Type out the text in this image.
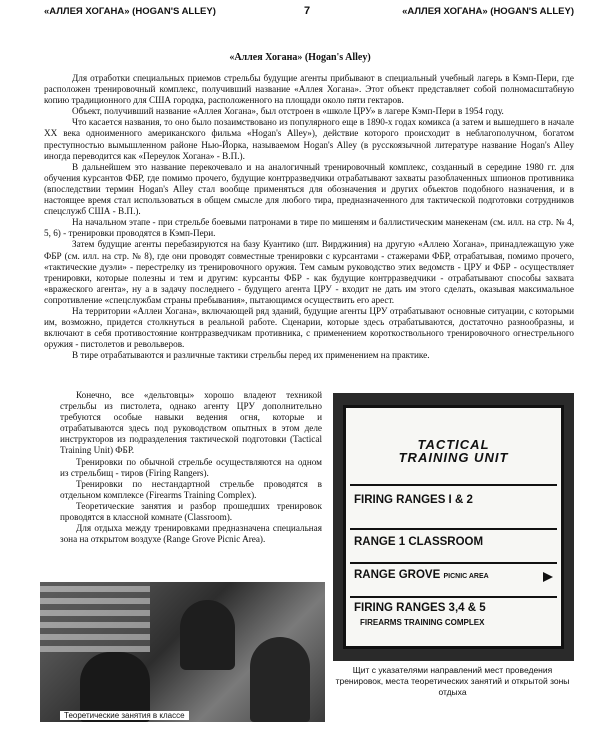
«АЛЛЕЯ ХОГАНА» (HOGAN'S ALLEY)	7	«АЛЛЕЯ ХОГАНА» (HOGAN'S ALLEY)
«Аллея Хогана» (Hogan's Alley)

Для отработки специальных приемов стрельбы будущие агенты прибывают в специальный учебный лагерь в Кэмп-Пери, где расположен тренировочный комплекс, получивший название «Аллея Хогана». Этот объект представляет собой полномасштабную копию традиционного для США городка, расположенного на площади около пяти гектаров.

Объект, получивший название «Аллея Хогана», был отстроен в «школе ЦРУ» в лагере Кэмп-Пери в 1954 году.

Что касается названия, то оно было позаимствовано из популярного еще в 1890-х годах комикса (а затем и вышедшего в начале XX века одноименного американского фильма «Hogan's Alley»), действие которого происходит в неблагополучном, богатом преступностью вымышленном районе Нью-Йорка, называемом Hogan's Alley (в русскоязычной литературе название Hogan's Alley иногда переводится как «Переулок Хогана» - В.П.).

В дальнейшем это название перекочевало и на аналогичный тренировочный комплекс, созданный в середине 1980 гг. для обучения курсантов ФБР, где помимо прочего, будущие контрразведчики отрабатывают захваты разоблаченных шпионов противника (впоследствии термин Hogan's Alley стал вообще применяться для обозначения и других объектов подобного назначения, и в настоящее время стал использоваться в общем смысле для любого тира, предназначенного для тактической подготовки сотрудников спецслужб США - В.П.).

На начальном этапе - при стрельбе боевыми патронами в тире по мишеням и баллистическим манекенам (см. илл. на стр. № 4, 5, 6) - тренировки проводятся в Кэмп-Пери.

Затем будущие агенты перебазируются на базу Куантико (шт. Вирджиния) на другую «Аллею Хогана», принадлежащую уже ФБР (см. илл. на стр. № 8), где они проводят совместные тренировки с курсантами - стажерами ФБР, отрабатывая, помимо прочего, «тактические дуэли» - перестрелку из тренировочного оружия. Тем самым руководство этих ведомств - ЦРУ и ФБР - осуществляет тренировки, которые полезны и тем и другим: курсанты ФБР - как будущие контрразведчики - отрабатывают способы захвата «вражеского агента», ну а в задачу последнего - будущего агента ЦРУ - входит не дать им этого сделать, оказывая максимальное сопротивление «спецслужбам страны пребывания», пытающимся осуществить его арест.

На территории «Аллеи Хогана», включающей ряд зданий, будущие агенты ЦРУ отрабатывают основные ситуации, с которыми им, возможно, придется столкнуться в реальной работе. Сценарии, которые здесь отрабатываются, достаточно разнообразны, и включают в себя противостояние контрразведчикам противника, с применением короткоствольного тренировочного огнестрельного оружия - пистолетов и револьверов.

В тире отрабатываются и различные тактики стрельбы перед их применением на практике.

Конечно, все «дельтовцы» хорошо владеют техникой стрельбы из пистолета, однако агенту ЦРУ дополнительно требуются особые навыки ведения огня, которые и отрабатываются здесь под руководством опытных в этом деле инструкторов из подразделения тактической подготовки (Tactical Training Unit) ФБР.

Тренировки по обычной стрельбе осуществляются на одном из стрельбищ - тиров (Firing Rangers).

Тренировки по нестандартной стрельбе проводятся в отдельном комплексе (Firearms Training Complex).

Теоретические занятия и разбор прошедших тренировок проводятся в классной комнате (Classroom).

Для отдыха между тренировками предназначена специальная зона на открытом воздухе (Range Grove Picnic Area).

TACTICAL
TRAINING UNIT
FIRING RANGES I & 2
RANGE 1 CLASSROOM
RANGE GROVE PICNIC AREA
FIRING RANGES 3,4 & 5
FIREARMS TRAINING COMPLEX
Теоретические занятия в классе
Щит с указателями направлений мест проведения тренировок, места теоретических занятий и открытой зоны отдыха
